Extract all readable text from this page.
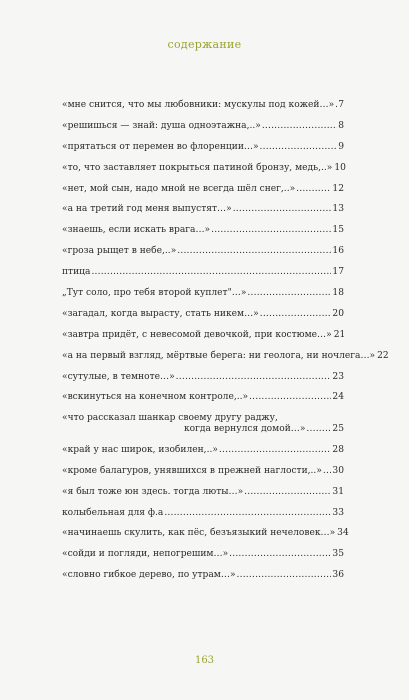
содержание
«мне снится, что мы любовники: мускулы под кожей…» ..... 7
«решишься — знай: душа одноэтажна,..» .....	8
«прятаться от перемен во флоренции…» .....	9
«то, что заставляет покрыться патиной бронзу, медь,..» 10
«нет, мой сын, надо мной не всегда шёл снег,..» .....	12
«а на третий год меня выпустят…» .....	13
«знаешь, если искать врага…» .....	15
«гроза рыщет в небе,..» .....	16
птица .....	17
„Тут соло, про тебя второй куплет"…» .....	18
«загадал, когда вырасту, стать никем…» .....	20
«завтра придёт, с невесомой девочкой, при костюме…» 21
«а на первый взгляд, мёртвые берега: ни геолога, ни ночлега…» 22
«сутулые, в темноте…» .....	23
«вскинуться на конечном контроле,..» .....	24
«что рассказал шанкар своему другу раджу,
когда вернулся домой…» .....	25
«край у нас широк, изобилен,..» .....	28
«кроме балагуров, унявшихся в прежней наглости,..» ..... 30
«я был тоже юн здесь. тогда люты…» .....	31
колыбельная для ф.а .....	33
«начинаешь скулить, как пёс, безъязыкий нечеловек…» 34
«сойди и погляди, непогрешим…» .....	35
«словно гибкое дерево, по утрам…» .....	36
163
